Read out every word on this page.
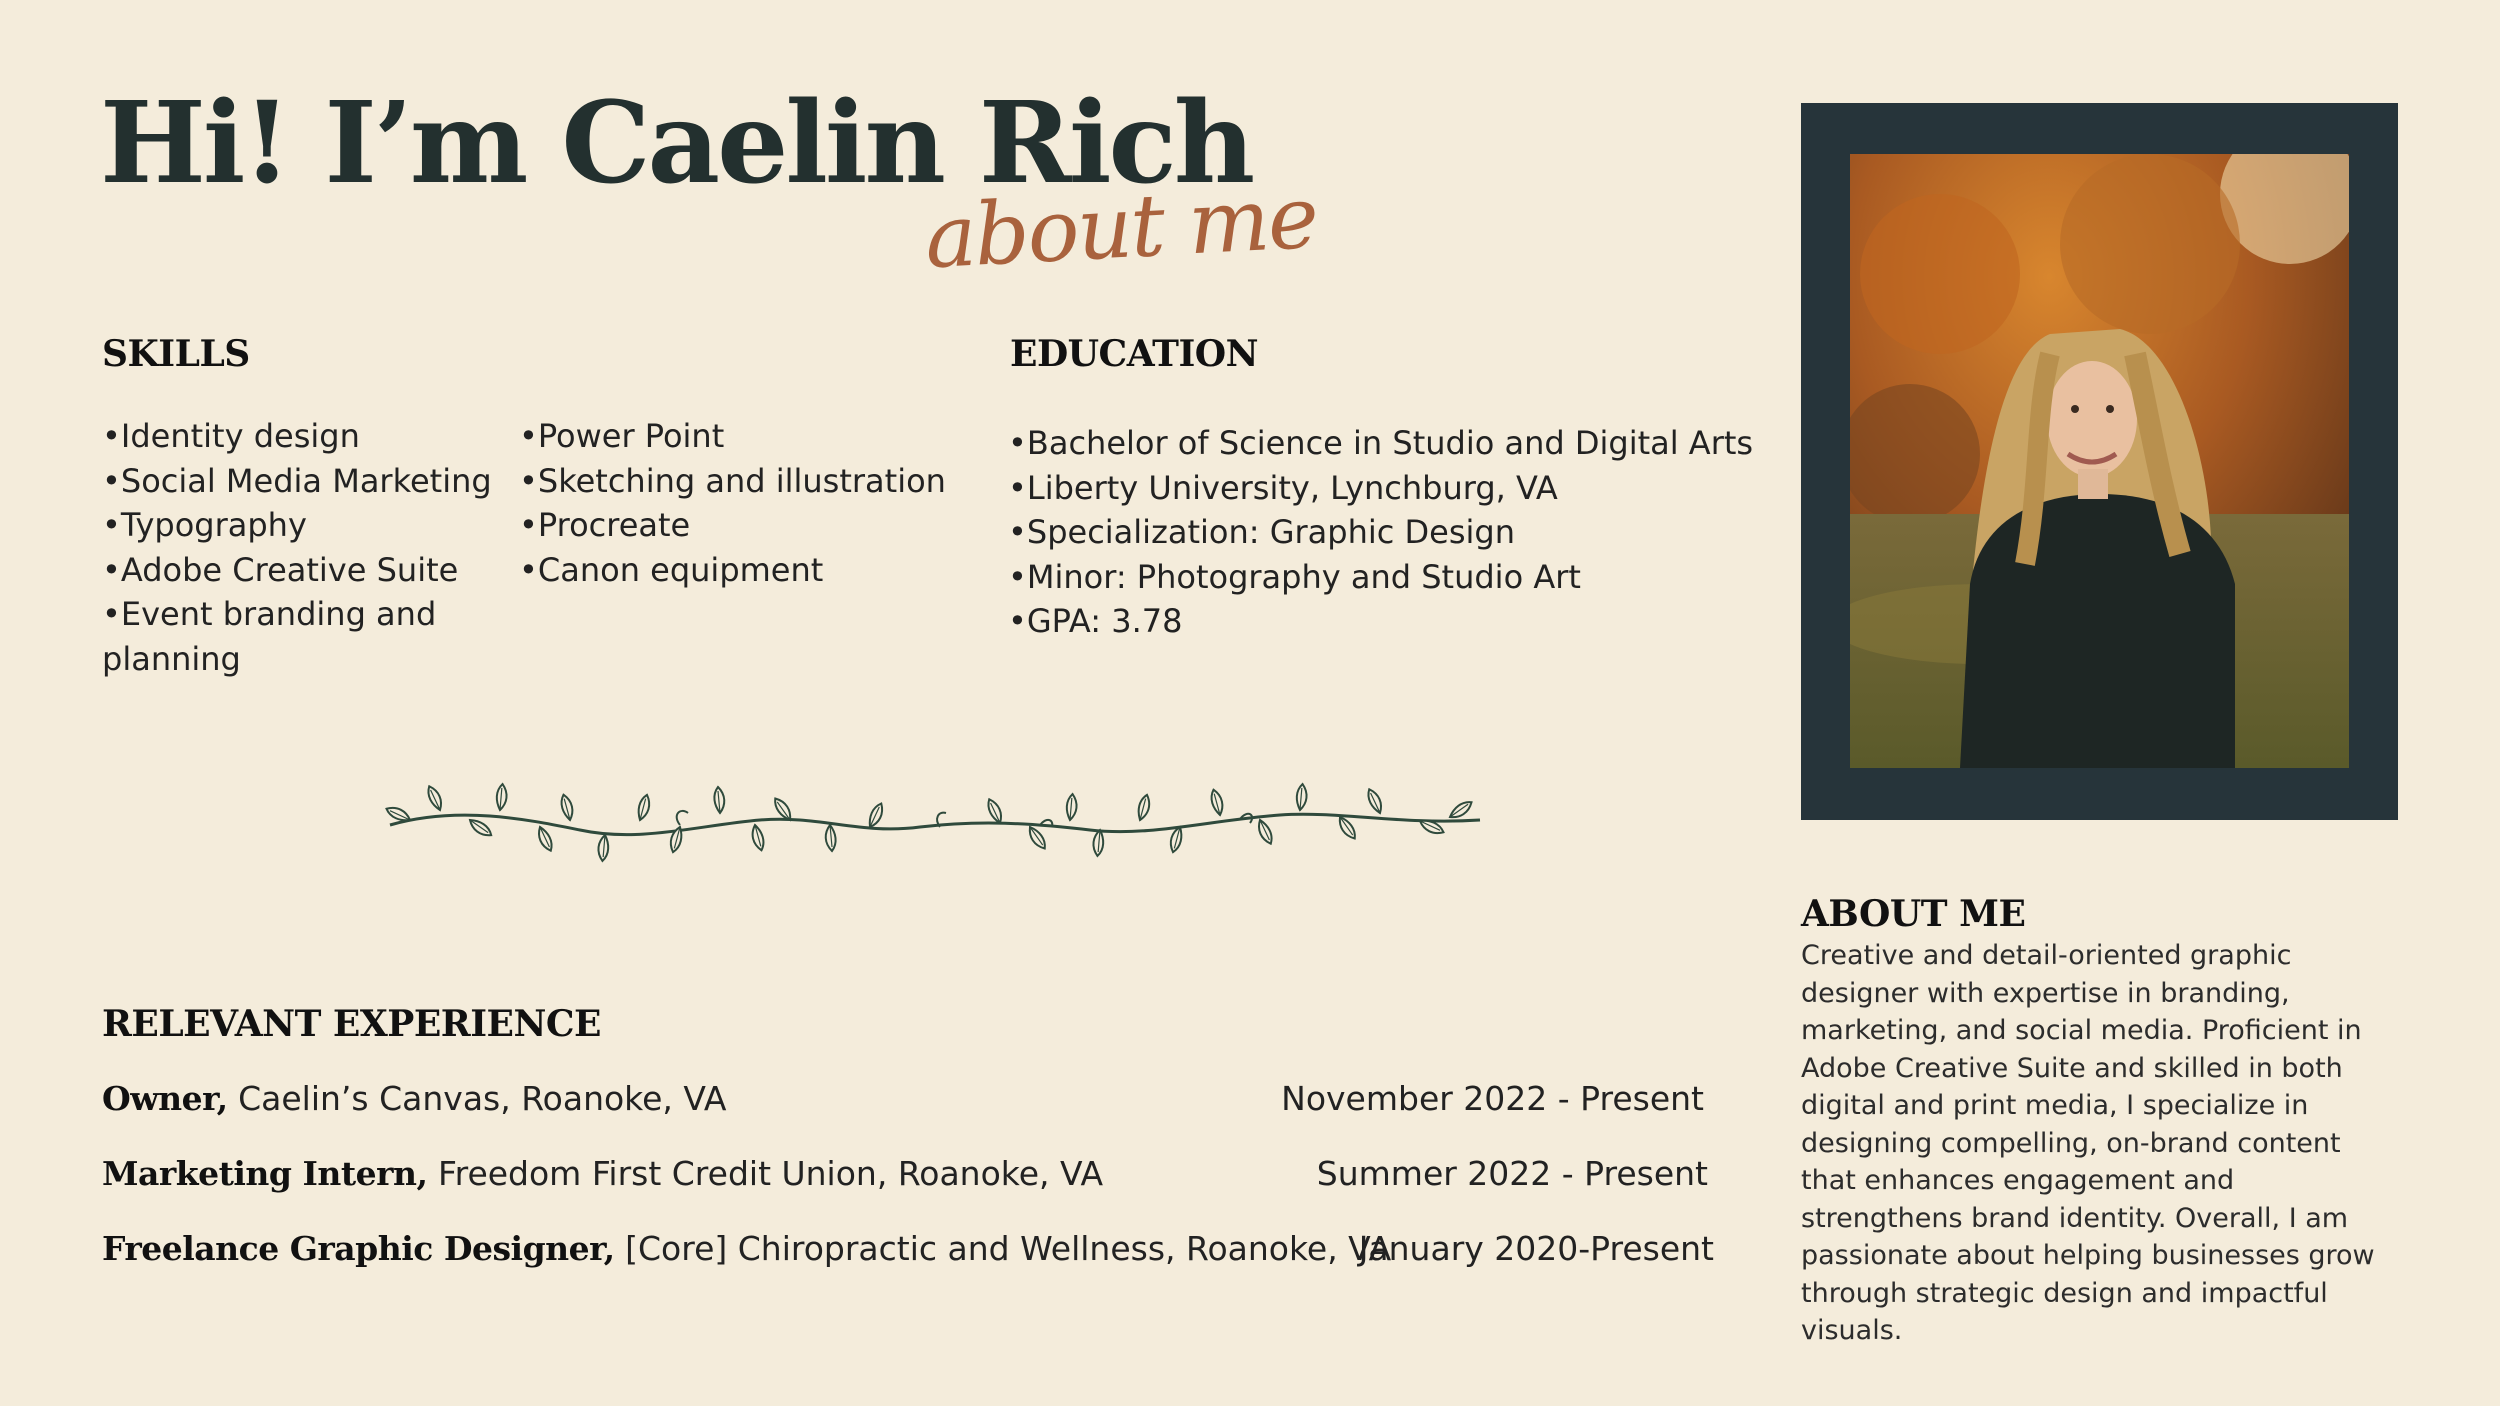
Hi! I’m Caelin Rich
about me
SKILLS
•Identity design
•Social Media Marketing
•Typography
•Adobe Creative Suite
•Event branding and planning
•Power Point
•Sketching and illustration
•Procreate
•Canon equipment
EDUCATION
•Bachelor of Science in Studio and Digital Arts
•Liberty University, Lynchburg, VA
•Specialization: Graphic Design
•Minor: Photography and Studio Art
•GPA: 3.78
RELEVANT EXPERIENCE
Owner, Caelin’s Canvas, Roanoke, VA	November 2022 - Present
Marketing Intern, Freedom First Credit Union, Roanoke, VA	Summer 2022 - Present
Freelance Graphic Designer, [Core] Chiropractic and Wellness, Roanoke, VA
January 2020-Present
ABOUT ME

Creative and detail-oriented graphic designer with expertise in branding, marketing, and social media. Proficient in Adobe Creative Suite and skilled in both digital and print media, I specialize in designing compelling, on-brand content that enhances engagement and strengthens brand identity. Overall, I am passionate about helping businesses grow through strategic design and impactful visuals.
